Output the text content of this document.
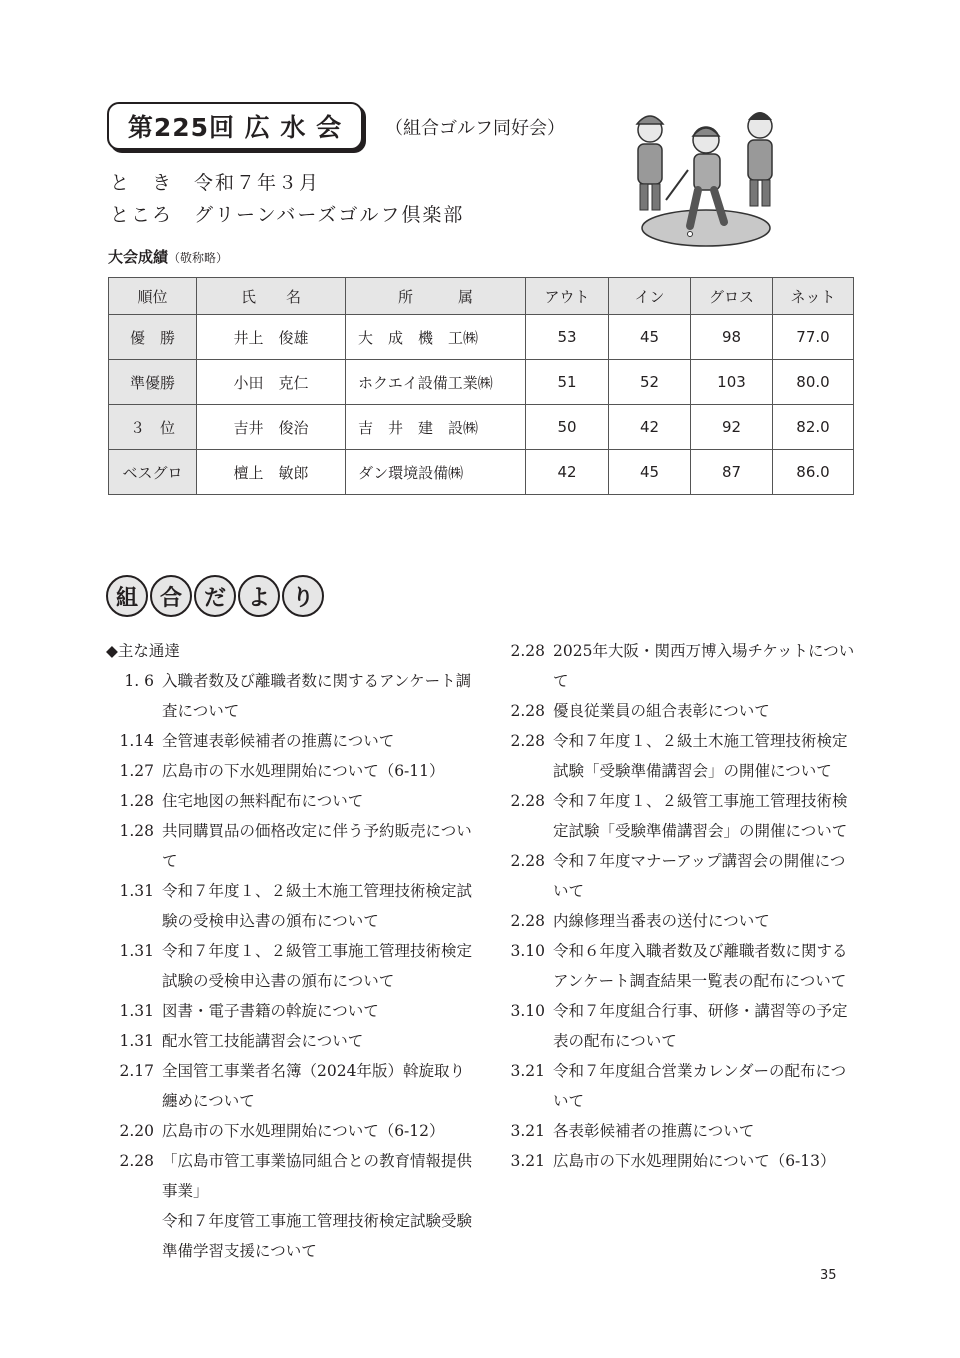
第225回 広 水 会	（組合ゴルフ同好会）
と　き　 令和７年３月
ところ　 グリーンバーズゴルフ倶楽部
大会成績（敬称略）
順位	氏　　名	所　　　属	アウト	イン	グロス	ネット
優　勝	井上　俊雄	大　成　機　工㈱	53	45	98	77.0
準優勝	小田　克仁	ホクエイ設備工業㈱	51	52	103	80.0
３　位	吉井　俊治	吉　井　建　設㈱	50	42	92	82.0
ベスグロ	檀上　敏郎	ダン環境設備㈱	42	45	87	86.0
組 合 だ よ り
◆主な通達
1. 6 入職者数及び離職者数に関するアンケート調査について
1.14 全管連表彰候補者の推薦について
1.27 広島市の下水処理開始について（6-11）
1.28 住宅地図の無料配布について
1.28 共同購買品の価格改定に伴う予約販売について
1.31 令和７年度１、２級土木施工管理技術検定試験の受検申込書の頒布について
1.31 令和７年度１、２級管工事施工管理技術検定試験の受検申込書の頒布について
1.31 図書・電子書籍の斡旋について
1.31 配水管工技能講習会について
2.17 全国管工事業者名簿（2024年版）斡旋取り纏めについて
2.20 広島市の下水処理開始について（6-12）
2.28 「広島市管工事業協同組合との教育情報提供事業」
令和７年度管工事施工管理技術検定試験受験準備学習支援について
2.28 2025年大阪・関西万博入場チケットについて
2.28 優良従業員の組合表彰について
2.28 令和７年度１、２級土木施工管理技術検定試験「受験準備講習会」の開催について
2.28 令和７年度１、２級管工事施工管理技術検定試験「受験準備講習会」の開催について
2.28 令和７年度マナーアップ講習会の開催について
2.28 内線修理当番表の送付について
3.10 令和６年度入職者数及び離職者数に関するアンケート調査結果一覧表の配布について
3.10 令和７年度組合行事、研修・講習等の予定表の配布について
3.21 令和７年度組合営業カレンダーの配布について
3.21 各表彰候補者の推薦について
3.21 広島市の下水処理開始について（6-13）
35
